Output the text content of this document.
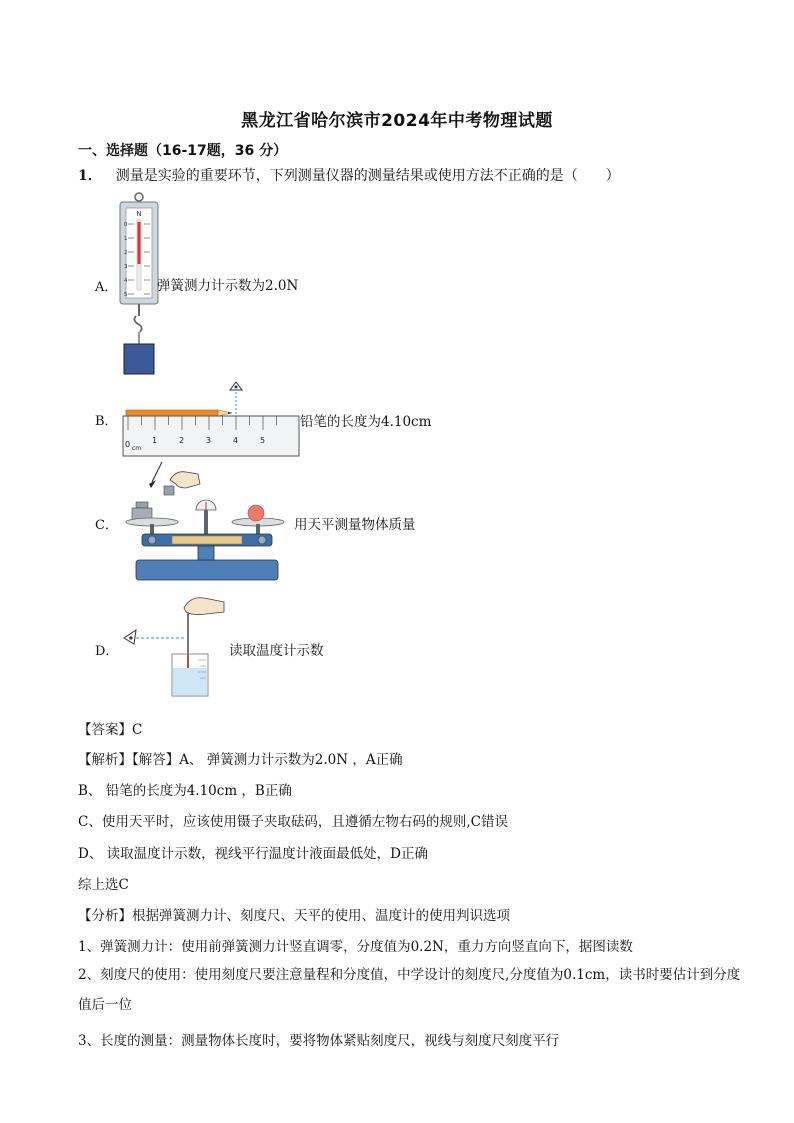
黑龙江省哈尔滨市2024年中考物理试题
一、选择题（16-17题，36 分）
1． 测量是实验的重要环节，下列测量仪器的测量结果或使用方法不正确的是（　　）
A．
N
0
1
2
3
4
5
弹簧测力计示数为2.0N
B．
0 cm
1	2	3	4	5
铅笔的长度为4.10cm
C．	用天平测量物体质量
D．	读取温度计示数
【答案】C
【解析】【解答】A、 弹簧测力计示数为2.0N ，A正确
B、 铅笔的长度为4.10cm ，B正确
C、使用天平时，应该使用镊子夹取砝码，且遵循左物右码的规则,C错误
D、 读取温度计示数，视线平行温度计液面最低处，D正确
综上选C
【分析】根据弹簧测力计、刻度尺、天平的使用、温度计的使用判识选项
1、弹簧测力计：使用前弹簧测力计竖直调零，分度值为0.2N，重力方向竖直向下，据图读数
2、刻度尺的使用：使用刻度尺要注意量程和分度值，中学设计的刻度尺,分度值为0.1cm，读书时要估计到分度值后一位
3、长度的测量：测量物体长度时，要将物体紧贴刻度尺，视线与刻度尺刻度平行
